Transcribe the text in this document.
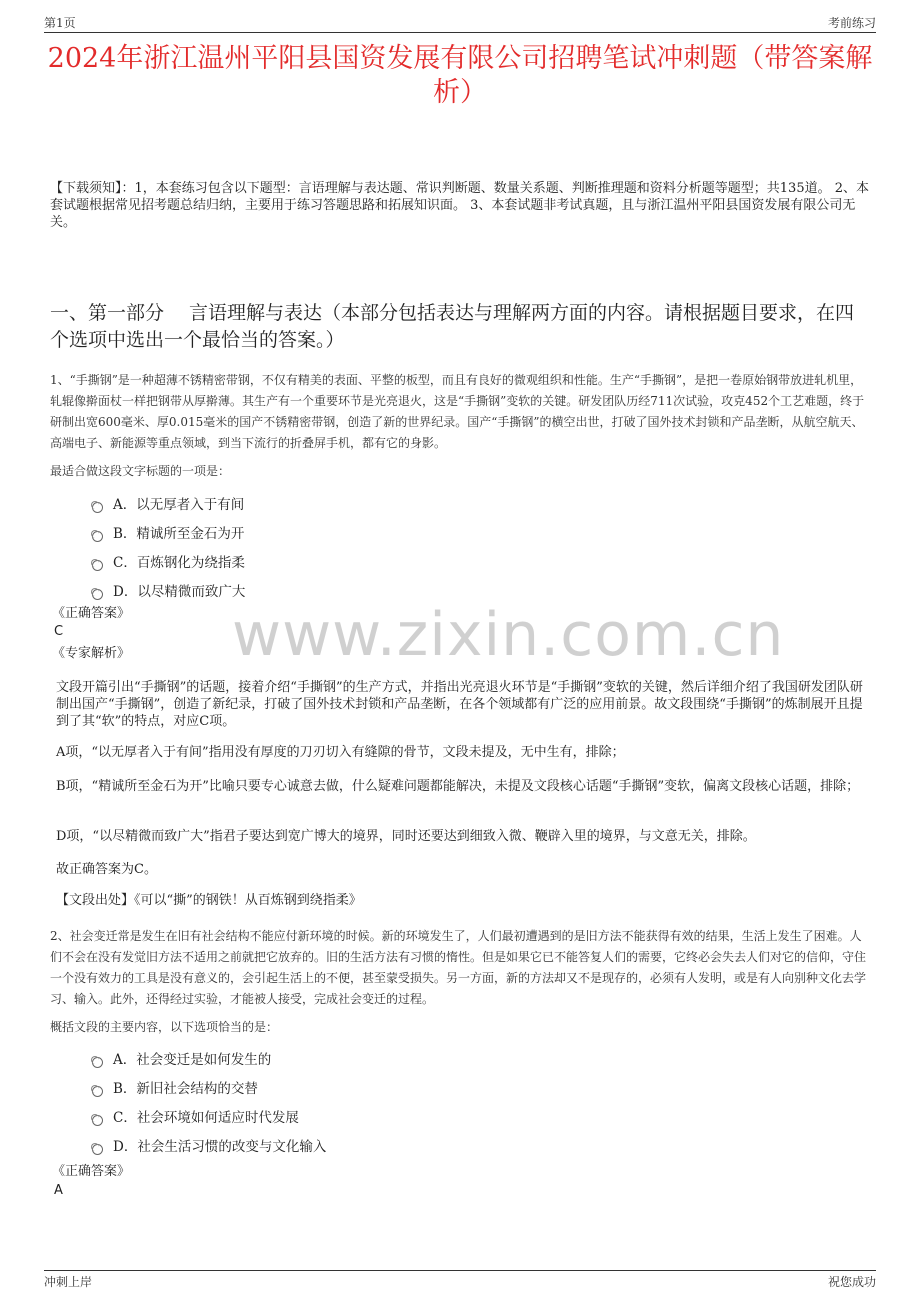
第1页	考前练习
2024年浙江温州平阳县国资发展有限公司招聘笔试冲刺题（带答案解析）
【下载须知】：1，本套练习包含以下题型：言语理解与表达题、常识判断题、数量关系题、判断推理题和资料分析题等题型；共135道。 2、本套试题根据常见招考题总结归纳，主要用于练习答题思路和拓展知识面。 3、本套试题非考试真题，且与浙江温州平阳县国资发展有限公司无关。
一、第一部分　 言语理解与表达（本部分包括表达与理解两方面的内容。请根据题目要求，在四个选项中选出一个最恰当的答案。）
1、“手撕钢”是一种超薄不锈精密带钢，不仅有精美的表面、平整的板型，而且有良好的微观组织和性能。生产“手撕钢”，是把一卷原始钢带放进轧机里，轧辊像擀面杖一样把钢带从厚擀薄。其生产有一个重要环节是光亮退火，这是“手撕钢”变软的关键。研发团队历经711次试验，攻克452个工艺难题，终于研制出宽600毫米、厚0.015毫米的国产不锈精密带钢，创造了新的世界纪录。国产“手撕钢”的横空出世，打破了国外技术封锁和产品垄断，从航空航天、高端电子、新能源等重点领域，到当下流行的折叠屏手机，都有它的身影。
最适合做这段文字标题的一项是：
A．以无厚者入于有间
B．精诚所至金石为开
C．百炼钢化为绕指柔
D．以尽精微而致广大
《正确答案》
C
《专家解析》
文段开篇引出“手撕钢”的话题，接着介绍“手撕钢”的生产方式，并指出光亮退火环节是“手撕钢”变软的关键，然后详细介绍了我国研发团队研制出国产“手撕钢”，创造了新纪录，打破了国外技术封锁和产品垄断，在各个领域都有广泛的应用前景。故文段围绕“手撕钢”的炼制展开且提到了其“软”的特点，对应C项。
A项，“以无厚者入于有间”指用没有厚度的刀刃切入有缝隙的骨节，文段未提及，无中生有，排除；
B项，“精诚所至金石为开”比喻只要专心诚意去做，什么疑难问题都能解决，未提及文段核心话题“手撕钢”变软，偏离文段核心话题，排除；
D项，“以尽精微而致广大”指君子要达到宽广博大的境界，同时还要达到细致入微、鞭辟入里的境界，与文意无关，排除。
故正确答案为C。
【文段出处】《可以“撕”的钢铁！从百炼钢到绕指柔》
2、社会变迁常是发生在旧有社会结构不能应付新环境的时候。新的环境发生了，人们最初遭遇到的是旧方法不能获得有效的结果，生活上发生了困难。人们不会在没有发觉旧方法不适用之前就把它放弃的。旧的生活方法有习惯的惰性。但是如果它已不能答复人们的需要，它终必会失去人们对它的信仰，守住一个没有效力的工具是没有意义的，会引起生活上的不便，甚至蒙受损失。另一方面，新的方法却又不是现存的，必须有人发明，或是有人向别种文化去学习、输入。此外，还得经过实验，才能被人接受，完成社会变迁的过程。
概括文段的主要内容，以下选项恰当的是：
A．社会变迁是如何发生的
B．新旧社会结构的交替
C．社会环境如何适应时代发展
D．社会生活习惯的改变与文化输入
《正确答案》
A
www.zixin.com.cn
冲刺上岸	祝您成功
